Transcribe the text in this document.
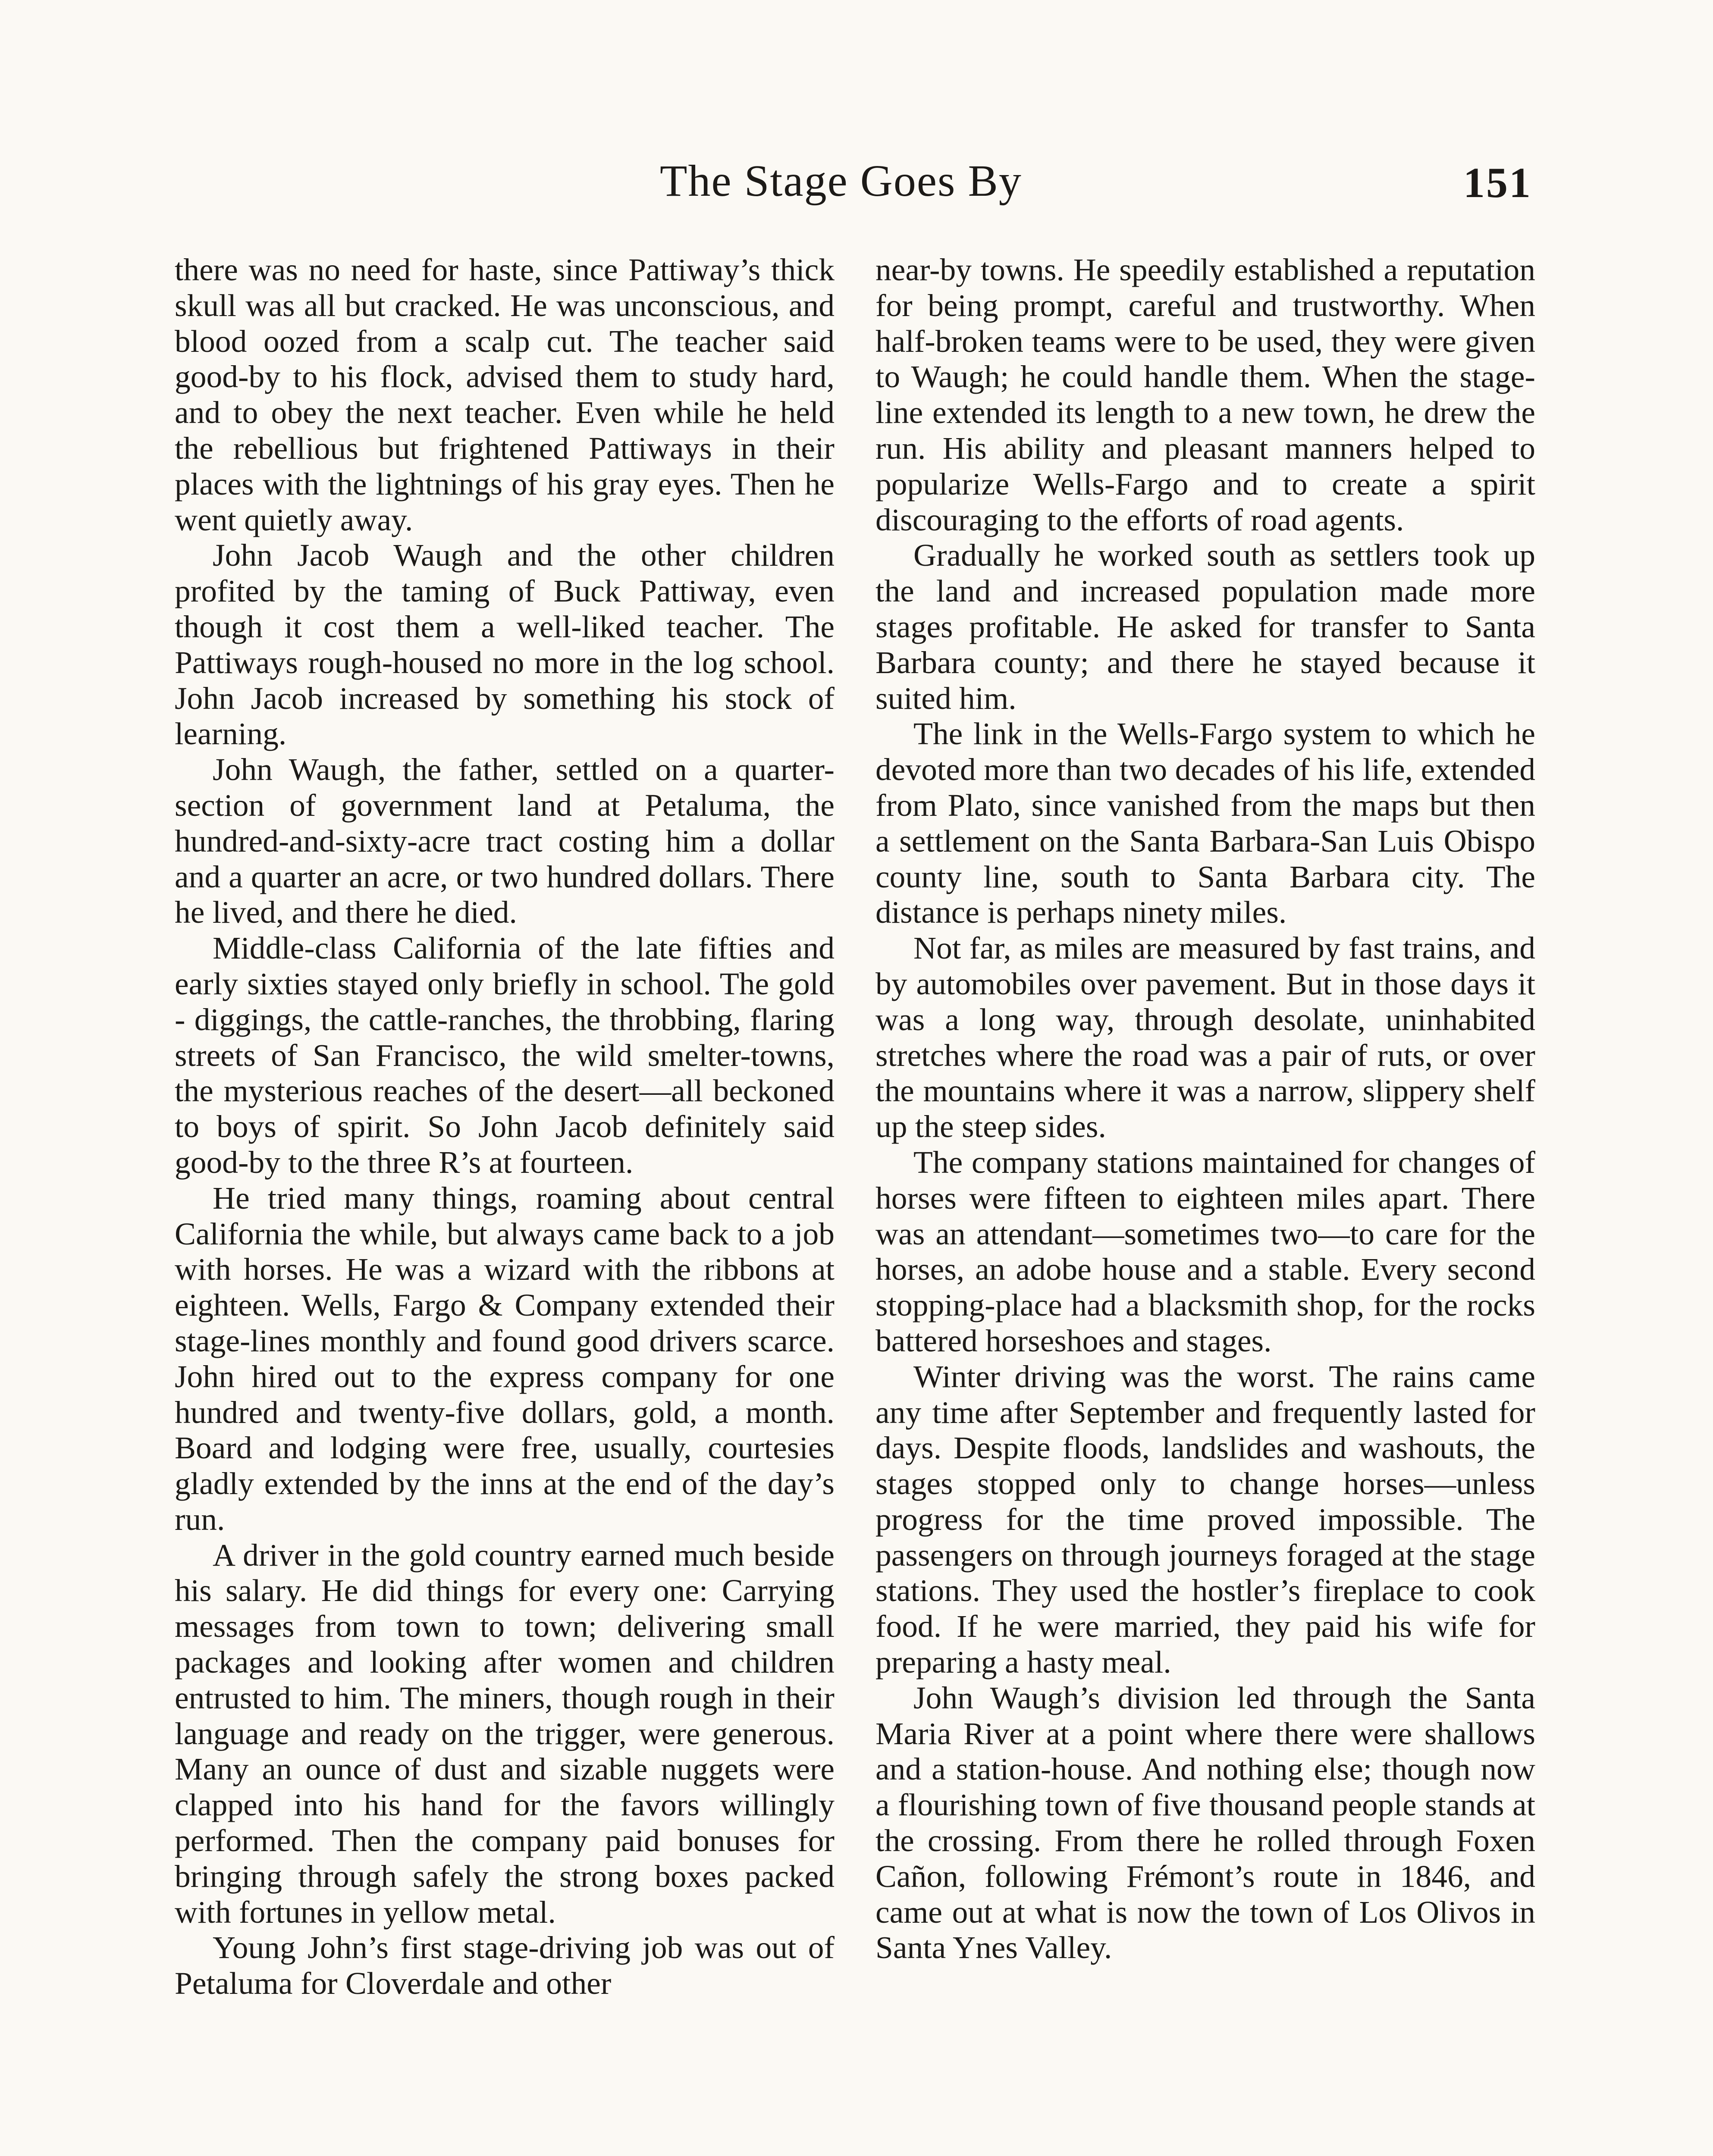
The Stage Goes By	151

there was no need for haste, since Pattiway’s thick skull was all but cracked. He was unconscious, and blood oozed from a scalp cut. The teacher said good-by to his flock, advised them to study hard, and to obey the next teacher. Even while he held the rebellious but frightened Pattiways in their places with the lightnings of his gray eyes. Then he went quietly away.

John Jacob Waugh and the other children profited by the taming of Buck Pattiway, even though it cost them a well-liked teacher. The Pattiways rough-housed no more in the log school. John Jacob increased by something his stock of learning.

John Waugh, the father, settled on a quarter-section of government land at Petaluma, the hundred-and-sixty-acre tract costing him a dollar and a quarter an acre, or two hundred dollars. There he lived, and there he died.

Middle-class California of the late fifties and early sixties stayed only briefly in school. The gold - diggings, the cattle-ranches, the throbbing, flaring streets of San Francisco, the wild smelter-towns, the mysterious reaches of the desert—all beckoned to boys of spirit. So John Jacob definitely said good-by to the three R’s at fourteen.

He tried many things, roaming about central California the while, but always came back to a job with horses. He was a wizard with the ribbons at eighteen. Wells, Fargo & Company extended their stage-lines monthly and found good drivers scarce. John hired out to the express company for one hundred and twenty-five dollars, gold, a month. Board and lodging were free, usually, courtesies gladly extended by the inns at the end of the day’s run.

A driver in the gold country earned much beside his salary. He did things for every one: Carrying messages from town to town; delivering small packages and looking after women and children entrusted to him. The miners, though rough in their language and ready on the trigger, were generous. Many an ounce of dust and sizable nuggets were clapped into his hand for the favors willingly performed. Then the company paid bonuses for bringing through safely the strong boxes packed with fortunes in yellow metal.

Young John’s first stage-driving job was out of Petaluma for Cloverdale and other

near-by towns. He speedily established a reputation for being prompt, careful and trustworthy. When half-broken teams were to be used, they were given to Waugh; he could handle them. When the stageline extended its length to a new town, he drew the run. His ability and pleasant manners helped to popularize Wells-Fargo and to create a spirit discouraging to the efforts of road agents.

Gradually he worked south as settlers took up the land and increased population made more stages profitable. He asked for transfer to Santa Barbara county; and there he stayed because it suited him.

The link in the Wells-Fargo system to which he devoted more than two decades of his life, extended from Plato, since vanished from the maps but then a settlement on the Santa Barbara-San Luis Obispo county line, south to Santa Barbara city. The distance is perhaps ninety miles.

Not far, as miles are measured by fast trains, and by automobiles over pavement. But in those days it was a long way, through desolate, uninhabited stretches where the road was a pair of ruts, or over the mountains where it was a narrow, slippery shelf up the steep sides.

The company stations maintained for changes of horses were fifteen to eighteen miles apart. There was an attendant—sometimes two—to care for the horses, an adobe house and a stable. Every second stopping-place had a blacksmith shop, for the rocks battered horseshoes and stages.

Winter driving was the worst. The rains came any time after September and frequently lasted for days. Despite floods, landslides and washouts, the stages stopped only to change horses—unless progress for the time proved impossible. The passengers on through journeys foraged at the stage stations. They used the hostler’s fireplace to cook food. If he were married, they paid his wife for preparing a hasty meal.

John Waugh’s division led through the Santa Maria River at a point where there were shallows and a station-house. And nothing else; though now a flourishing town of five thousand people stands at the crossing. From there he rolled through Foxen Cañon, following Frémont’s route in 1846, and came out at what is now the town of Los Olivos in Santa Ynes Valley.
